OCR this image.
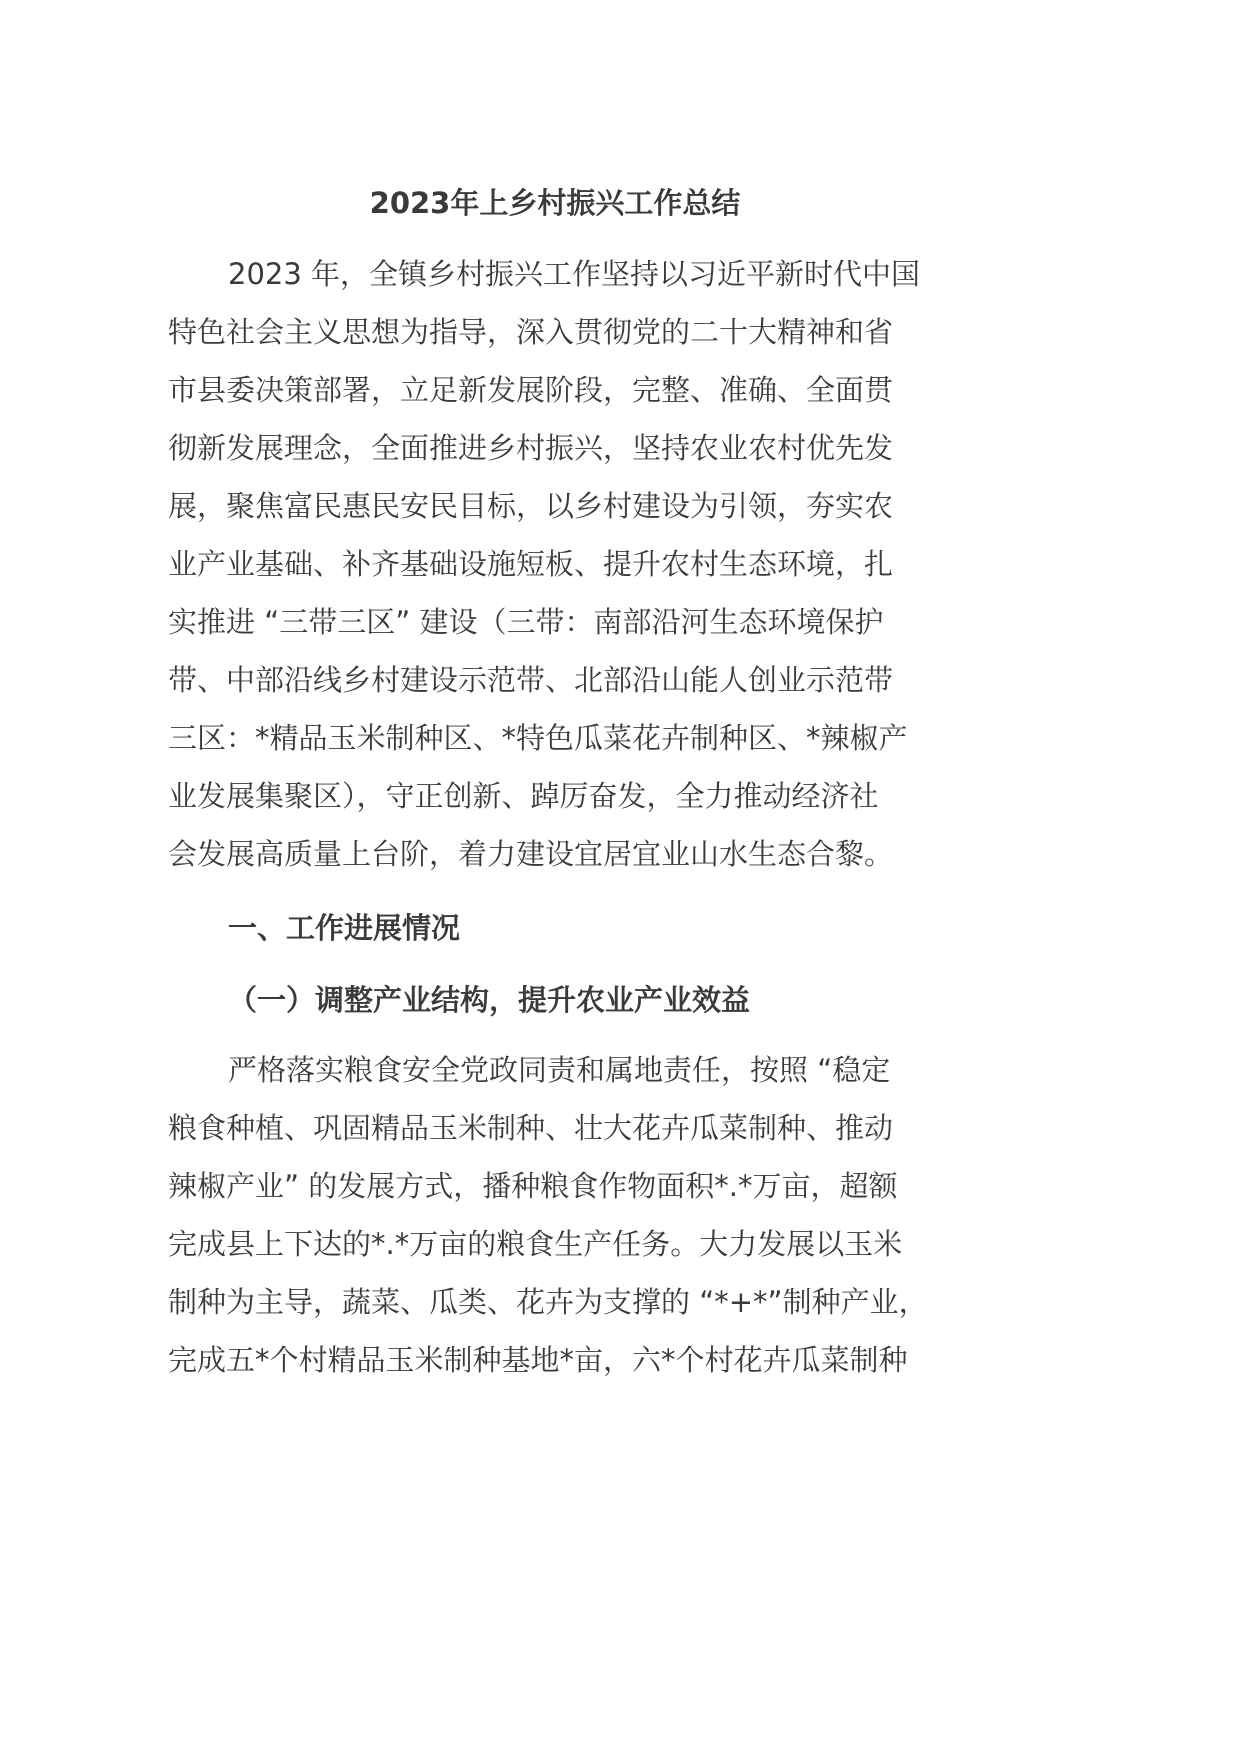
2023年上乡村振兴工作总结

2023 年，全镇乡村振兴工作坚持以习近平新时代中国

特色社会主义思想为指导，深入贯彻党的二十大精神和省

市县委决策部署，立足新发展阶段，完整、准确、全面贯

彻新发展理念，全面推进乡村振兴，坚持农业农村优先发

展，聚焦富民惠民安民目标，以乡村建设为引领，夯实农

业产业基础、补齐基础设施短板、提升农村生态环境，扎

实推进 “三带三区” 建设（三带：南部沿河生态环境保护

带、中部沿线乡村建设示范带、北部沿山能人创业示范带

三区：*精品玉米制种区、*特色瓜菜花卉制种区、*辣椒产

业发展集聚区），守正创新、踔厉奋发，全力推动经济社

会发展高质量上台阶，着力建设宜居宜业山水生态合黎。

一、工作进展情况
（一）调整产业结构，提升农业产业效益

严格落实粮食安全党政同责和属地责任，按照 “稳定

粮食种植、巩固精品玉米制种、壮大花卉瓜菜制种、推动

辣椒产业” 的发展方式，播种粮食作物面积*.*万亩，超额

完成县上下达的*.*万亩的粮食生产任务。大力发展以玉米

制种为主导，蔬菜、瓜类、花卉为支撑的 “*+*”制种产业，

完成五*个村精品玉米制种基地*亩，六*个村花卉瓜菜制种
